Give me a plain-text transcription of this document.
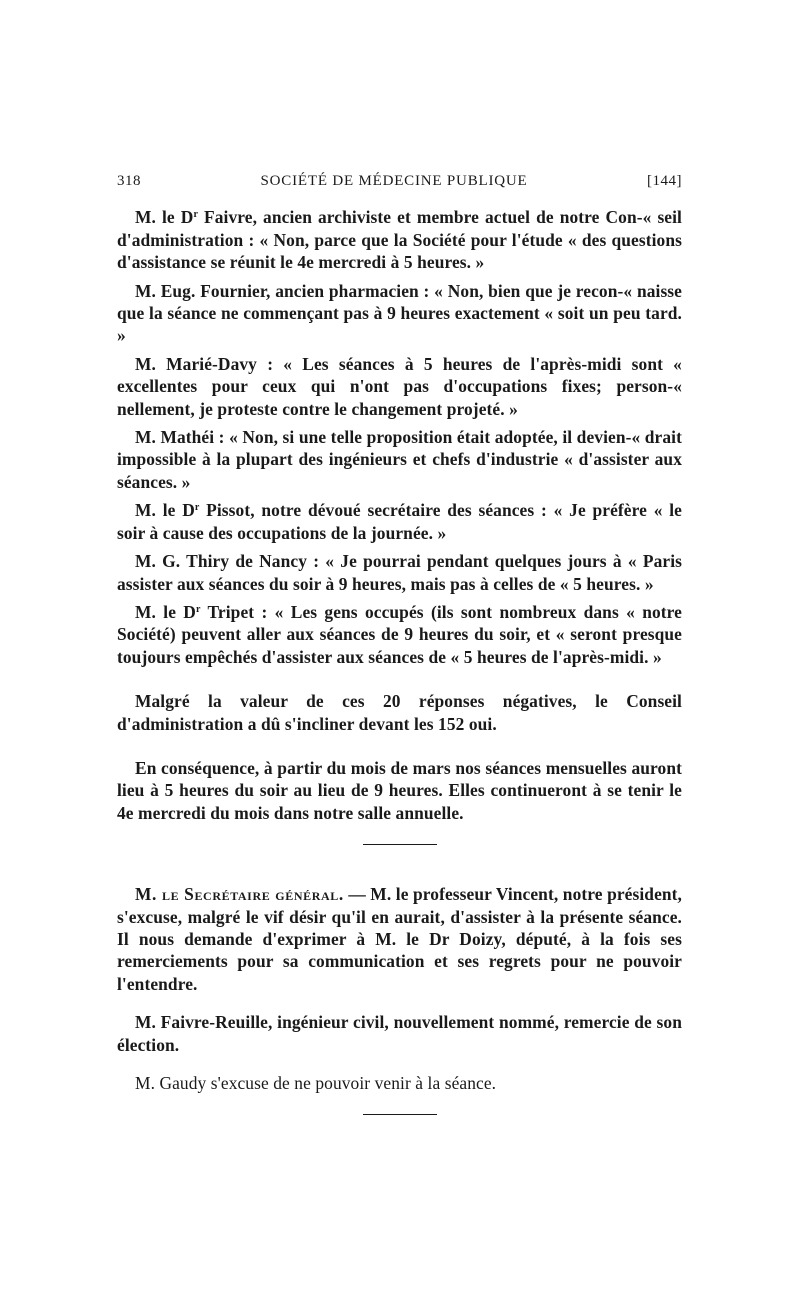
318	SOCIÉTÉ DE MÉDECINE PUBLIQUE	[144]

M. le $D^r$ Faivre, ancien archiviste et membre actuel de notre Con-« seil d'administration : « Non, parce que la Société pour l'étude « des questions d'assistance se réunit le 4e mercredi à 5 heures. »

M. Eug. Fournier, ancien pharmacien : « Non, bien que je recon-« naisse que la séance ne commençant pas à 9 heures exactement « soit un peu tard. »

M. Marié-Davy : « Les séances à 5 heures de l'après-midi sont « excellentes pour ceux qui n'ont pas d'occupations fixes; person-« nellement, je proteste contre le changement projeté. »

M. Mathéi : « Non, si une telle proposition était adoptée, il devien-« drait impossible à la plupart des ingénieurs et chefs d'industrie « d'assister aux séances. »

M. le $D^r$ Pissot, notre dévoué secrétaire des séances : « Je préfère « le soir à cause des occupations de la journée. »

M. G. Thiry de Nancy : « Je pourrai pendant quelques jours à « Paris assister aux séances du soir à 9 heures, mais pas à celles de « 5 heures. »

M. le $D^r$ Tripet : « Les gens occupés (ils sont nombreux dans « notre Société) peuvent aller aux séances de 9 heures du soir, et « seront presque toujours empêchés d'assister aux séances de « 5 heures de l'après-midi. »

Malgré la valeur de ces 20 réponses négatives, le Conseil d'administration a dû s'incliner devant les 152 oui.

En conséquence, à partir du mois de mars nos séances mensuelles auront lieu à 5 heures du soir au lieu de 9 heures. Elles continueront à se tenir le 4e mercredi du mois dans notre salle annuelle.

M. le Secrétaire général. — M. le professeur Vincent, notre président, s'excuse, malgré le vif désir qu'il en aurait, d'assister à la présente séance. Il nous demande d'exprimer à M. le Dr Doizy, député, à la fois ses remerciements pour sa communication et ses regrets pour ne pouvoir l'entendre.

M. Faivre-Reuille, ingénieur civil, nouvellement nommé, remercie de son élection.

M. Gaudy s'excuse de ne pouvoir venir à la séance.
